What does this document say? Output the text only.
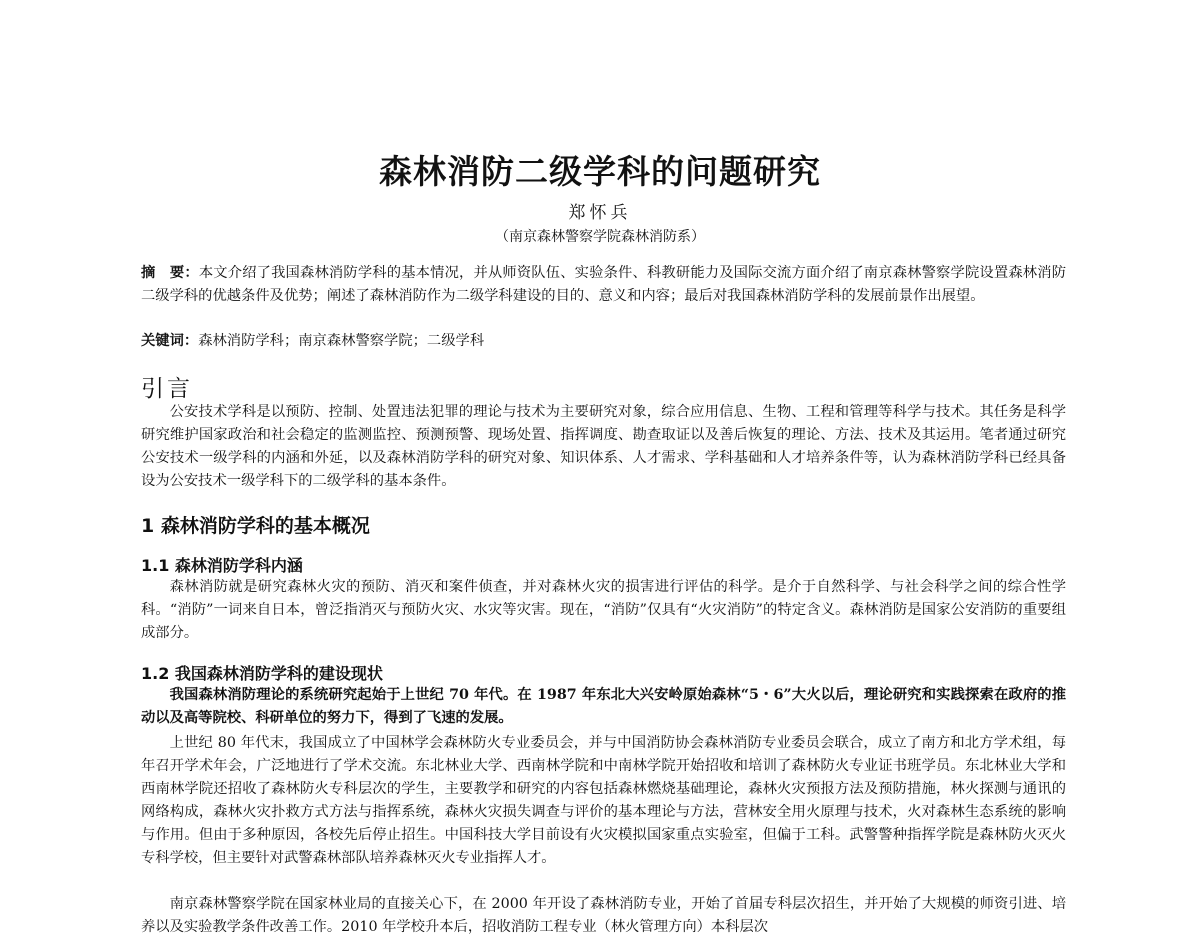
森林消防二级学科的问题研究
郑怀兵
（南京森林警察学院森林消防系）
摘　要：本文介绍了我国森林消防学科的基本情况，并从师资队伍、实验条件、科教研能力及国际交流方面介绍了南京森林警察学院设置森林消防二级学科的优越条件及优势；阐述了森林消防作为二级学科建设的目的、意义和内容；最后对我国森林消防学科的发展前景作出展望。
关键词：森林消防学科；南京森林警察学院；二级学科
引言

公安技术学科是以预防、控制、处置违法犯罪的理论与技术为主要研究对象，综合应用信息、生物、工程和管理等科学与技术。其任务是科学研究维护国家政治和社会稳定的监测监控、预测预警、现场处置、指挥调度、勘查取证以及善后恢复的理论、方法、技术及其运用。笔者通过研究公安技术一级学科的内涵和外延，以及森林消防学科的研究对象、知识体系、人才需求、学科基础和人才培养条件等，认为森林消防学科已经具备设为公安技术一级学科下的二级学科的基本条件。

1 森林消防学科的基本概况
1.1 森林消防学科内涵

森林消防就是研究森林火灾的预防、消灭和案件侦查，并对森林火灾的损害进行评估的科学。是介于自然科学、与社会科学之间的综合性学科。“消防”一词来自日本，曾泛指消灭与预防火灾、水灾等灾害。现在，“消防”仅具有“火灾消防”的特定含义。森林消防是国家公安消防的重要组成部分。

1.2 我国森林消防学科的建设现状

我国森林消防理论的系统研究起始于上世纪 70 年代。在 1987 年东北大兴安岭原始森林“5・6”大火以后，理论研究和实践探索在政府的推动以及高等院校、科研单位的努力下，得到了飞速的发展。

上世纪 80 年代末，我国成立了中国林学会森林防火专业委员会，并与中国消防协会森林消防专业委员会联合，成立了南方和北方学术组，每年召开学术年会，广泛地进行了学术交流。东北林业大学、西南林学院和中南林学院开始招收和培训了森林防火专业证书班学员。东北林业大学和西南林学院还招收了森林防火专科层次的学生，主要教学和研究的内容包括森林燃烧基础理论，森林火灾预报方法及预防措施，林火探测与通讯的网络构成，森林火灾扑救方式方法与指挥系统，森林火灾损失调查与评价的基本理论与方法，营林安全用火原理与技术，火对森林生态系统的影响与作用。但由于多种原因，各校先后停止招生。中国科技大学目前设有火灾模拟国家重点实验室，但偏于工科。武警警种指挥学院是森林防火灭火专科学校，但主要针对武警森林部队培养森林灭火专业指挥人才。

南京森林警察学院在国家林业局的直接关心下，在 2000 年开设了森林消防专业，开始了首届专科层次招生，并开始了大规模的师资引进、培养以及实验教学条件改善工作。2010 年学校升本后，招收消防工程专业（林火管理方向）本科层次
